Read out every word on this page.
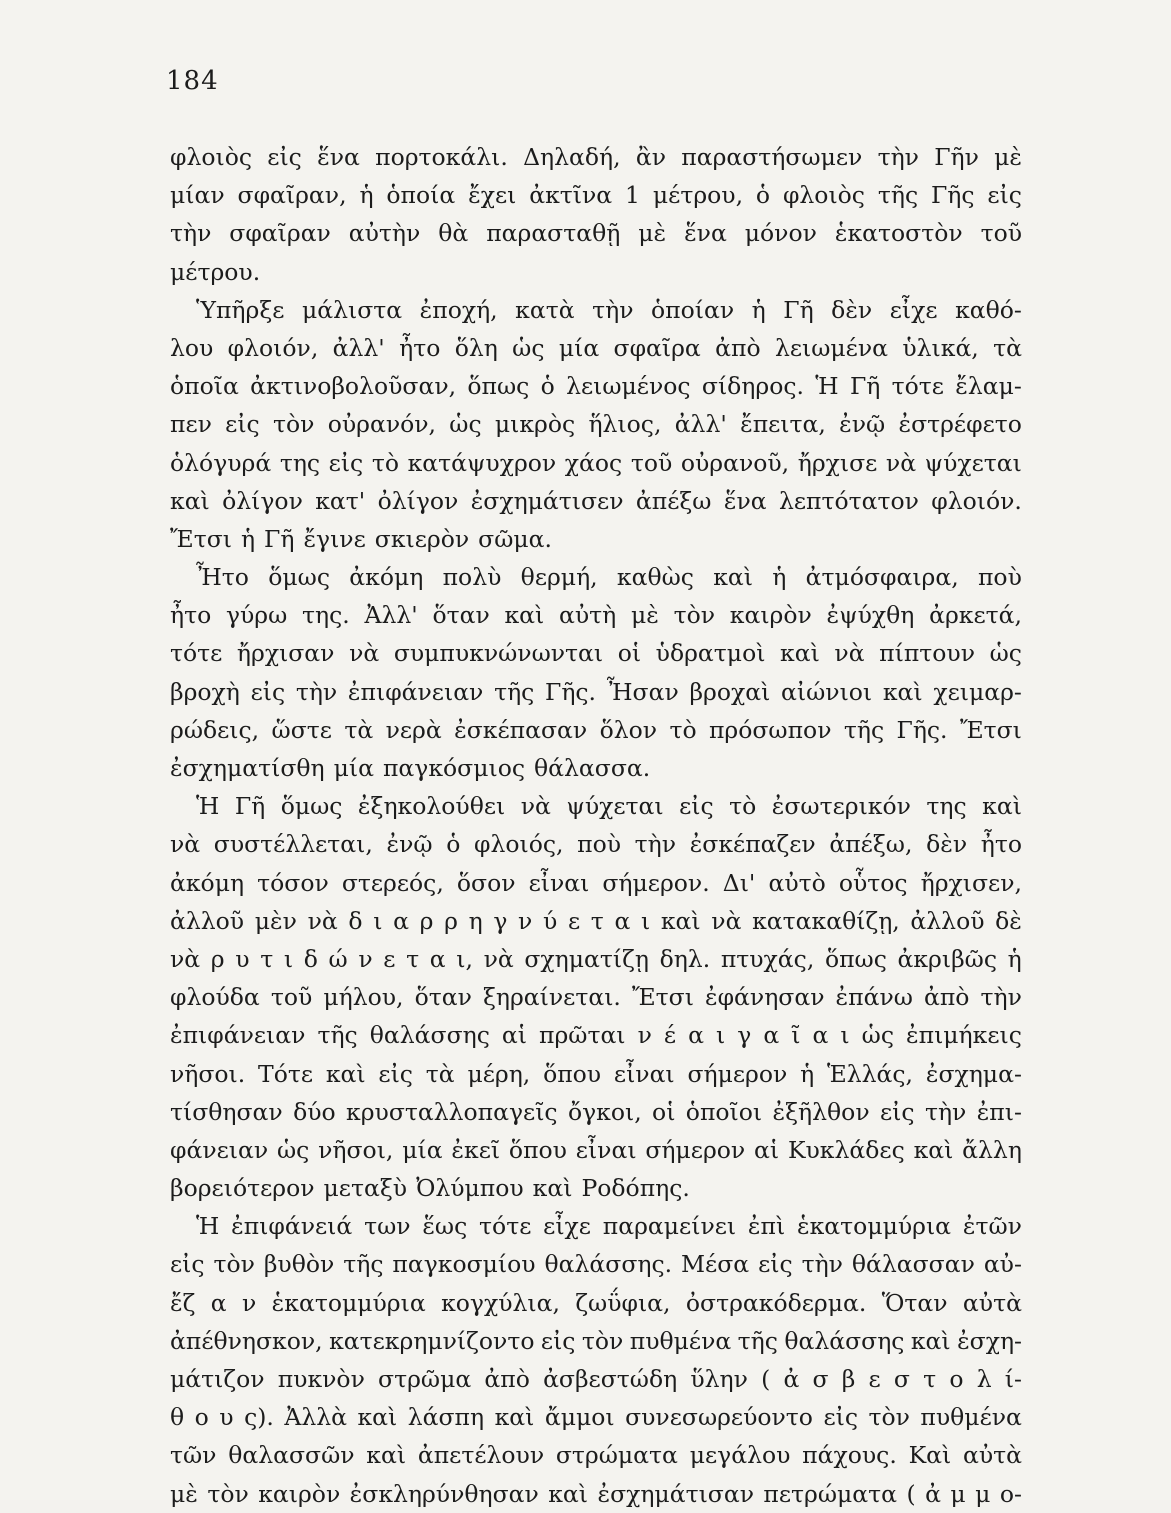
184
φλοιὸς εἰς ἕνα πορτοκάλι. Δηλαδή, ἂν παραστήσωμεν τὴν Γῆν μὲ
μίαν σφαῖραν, ἡ ὁποία ἔχει ἀκτῖνα 1 μέτρου, ὁ φλοιὸς τῆς Γῆς εἰς
τὴν σφαῖραν αὐτὴν θὰ παρασταθῇ μὲ ἕνα μόνον ἑκατοστὸν τοῦ
μέτρου.
Ὑπῆρξε μάλιστα ἐποχή, κατὰ τὴν ὁποίαν ἡ Γῆ δὲν εἶχε καθό-
λου φλοιόν, ἀλλ' ἦτο ὅλη ὡς μία σφαῖρα ἀπὸ λειωμένα ὑλικά, τὰ
ὁποῖα ἀκτινοβολοῦσαν, ὅπως ὁ λειωμένος σίδηρος. Ἡ Γῆ τότε ἔλαμ-
πεν εἰς τὸν οὐρανόν, ὡς μικρὸς ἥλιος, ἀλλ' ἔπειτα, ἐνῷ ἐστρέφετο
ὁλόγυρά της εἰς τὸ κατάψυχρον χάος τοῦ οὐρανοῦ, ἤρχισε νὰ ψύχεται
καὶ ὀλίγον κατ' ὀλίγον ἐσχημάτισεν ἀπέξω ἕνα λεπτότατον φλοιόν.
Ἔτσι ἡ Γῆ ἔγινε σκιερὸν σῶμα.
Ἦτο ὅμως ἀκόμη πολὺ θερμή, καθὼς καὶ ἡ ἀτμόσφαιρα, ποὺ
ἦτο γύρω της. Ἀλλ' ὅταν καὶ αὐτὴ μὲ τὸν καιρὸν ἐψύχθη ἀρκετά,
τότε ἤρχισαν νὰ συμπυκνώνωνται οἱ ὑδρατμοὶ καὶ νὰ πίπτουν ὡς
βροχὴ εἰς τὴν ἐπιφάνειαν τῆς Γῆς. Ἦσαν βροχαὶ αἰώνιοι καὶ χειμαρ-
ρώδεις, ὥστε τὰ νερὰ ἐσκέπασαν ὅλον τὸ πρόσωπον τῆς Γῆς. Ἔτσι
ἐσχηματίσθη μία παγκόσμιος θάλασσα.
Ἡ Γῆ ὅμως ἐξηκολούθει νὰ ψύχεται εἰς τὸ ἐσωτερικόν της καὶ
νὰ συστέλλεται, ἐνῷ ὁ φλοιός, ποὺ τὴν ἐσκέπαζεν ἀπέξω, δὲν ἦτο
ἀκόμη τόσον στερεός, ὅσον εἶναι σήμερον. Δι' αὐτὸ οὗτος ἤρχισεν,
ἀλλοῦ μὲν νὰ δ ι α ρ ρ η γ ν ύ ε τ α ι καὶ νὰ κατακαθίζῃ, ἀλλοῦ δὲ
νὰ ρ υ τ ι δ ώ ν ε τ α ι, νὰ σχηματίζῃ δηλ. πτυχάς, ὅπως ἀκριβῶς ἡ
φλούδα τοῦ μήλου, ὅταν ξηραίνεται. Ἔτσι ἐφάνησαν ἐπάνω ἀπὸ τὴν
ἐπιφάνειαν τῆς θαλάσσης αἱ πρῶται ν έ α ι γ α ῖ α ι ὡς ἐπιμήκεις
νῆσοι. Τότε καὶ εἰς τὰ μέρη, ὅπου εἶναι σήμερον ἡ Ἑλλάς, ἐσχημα-
τίσθησαν δύο κρυσταλλοπαγεῖς ὄγκοι, οἱ ὁποῖοι ἐξῆλθον εἰς τὴν ἐπι-
φάνειαν ὡς νῆσοι, μία ἐκεῖ ὅπου εἶναι σήμερον αἱ Κυκλάδες καὶ ἄλλη
βορειότερον μεταξὺ Ὀλύμπου καὶ Ροδόπης.
Ἡ ἐπιφάνειά των ἕως τότε εἶχε παραμείνει ἐπὶ ἑκατομμύρια ἐτῶν
εἰς τὸν βυθὸν τῆς παγκοσμίου θαλάσσης. Μέσα εἰς τὴν θάλασσαν αὐ-
ἔζ α ν ἑκατομμύρια κογχύλια, ζωΰφια, ὀστρακόδερμα. Ὅταν αὐτὰ
ἀπέθνησκον, κατεκρημνίζοντο εἰς τὸν πυθμένα τῆς θαλάσσης καὶ ἐσχη-
μάτιζον πυκνὸν στρῶμα ἀπὸ ἀσβεστώδη ὕλην ( ἀ σ β ε σ τ ο λ ί-
θ ο υ ς). Ἀλλὰ καὶ λάσπη καὶ ἄμμοι συνεσωρεύοντο εἰς τὸν πυθμένα
τῶν θαλασσῶν καὶ ἀπετέλουν στρώματα μεγάλου πάχους. Καὶ αὐτὰ
μὲ τὸν καιρὸν ἐσκληρύνθησαν καὶ ἐσχημάτισαν πετρώματα ( ἀ μ μ ο-
